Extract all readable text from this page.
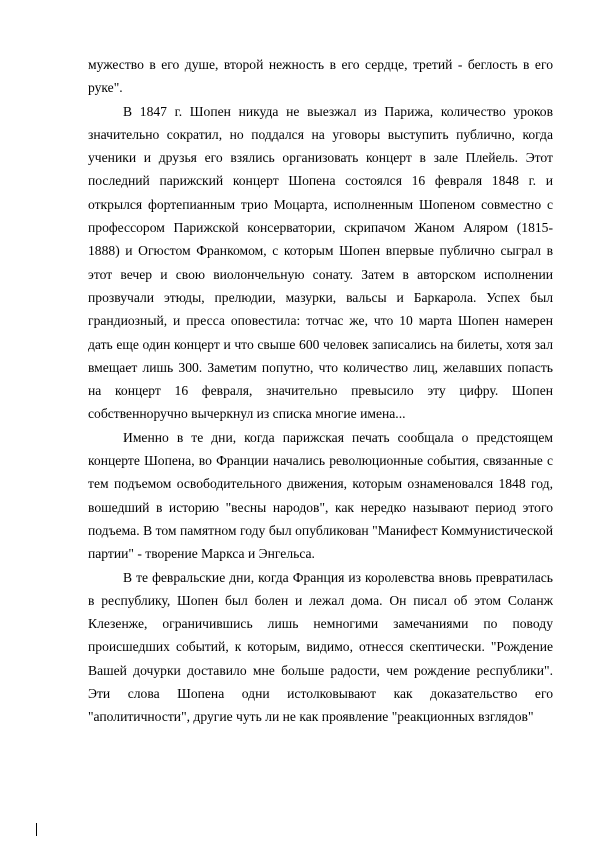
мужество в его душе, второй нежность в его сердце, третий - беглость в его руке".

В 1847 г. Шопен никуда не выезжал из Парижа, количество уроков значительно сократил, но поддался на уговоры выступить публично, когда ученики и друзья его взялись организовать концерт в зале Плейель. Этот последний парижский концерт Шопена состоялся 16 февраля 1848 г. и открылся фортепианным трио Моцарта, исполненным Шопеном совместно с профессором Парижской консерватории, скрипачом Жаном Аляром (1815-1888) и Огюстом Франкомом, с которым Шопен впервые публично сыграл в этот вечер и свою виолончельную сонату. Затем в авторском исполнении прозвучали этюды, прелюдии, мазурки, вальсы и Баркарола. Успех был грандиозный, и пресса оповестила: тотчас же, что 10 марта Шопен намерен дать еще один концерт и что свыше 600 человек записались на билеты, хотя зал вмещает лишь 300. Заметим попутно, что количество лиц, желавших попасть на концерт 16 февраля, значительно превысило эту цифру. Шопен собственноручно вычеркнул из списка многие имена...

Именно в те дни, когда парижская печать сообщала о предстоящем концерте Шопена, во Франции начались революционные события, связанные с тем подъемом освободительного движения, которым ознаменовался 1848 год, вошедший в историю "весны народов", как нередко называют период этого подъема. В том памятном году был опубликован "Манифест Коммунистической партии" - творение Маркса и Энгельса.

В те февральские дни, когда Франция из королевства вновь превратилась в республику, Шопен был болен и лежал дома. Он писал об этом Соланж Клезенже, ограничившись лишь немногими замечаниями по поводу происшедших событий, к которым, видимо, отнесся скептически. "Рождение Вашей дочурки доставило мне больше радости, чем рождение республики". Эти слова Шопена одни истолковывают как доказательство его "аполитичности", другие чуть ли не как проявление "реакционных взглядов"
